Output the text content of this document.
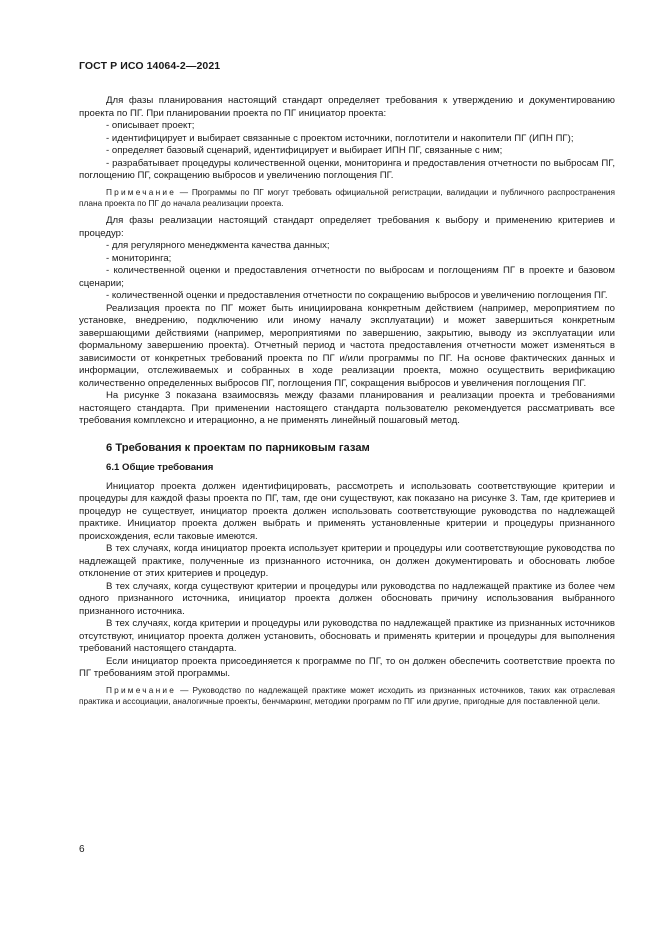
ГОСТ Р ИСО 14064-2—2021

Для фазы планирования настоящий стандарт определяет требования к утверждению и документированию проекта по ПГ. При планировании проекта по ПГ инициатор проекта:

- описывает проект;

- идентифицирует и выбирает связанные с проектом источники, поглотители и накопители ПГ (ИПН ПГ);

- определяет базовый сценарий, идентифицирует и выбирает ИПН ПГ, связанные с ним;

- разрабатывает процедуры количественной оценки, мониторинга и предоставления отчетности по выбросам ПГ, поглощению ПГ, сокращению выбросов и увеличению поглощения ПГ.

Примечание — Программы по ПГ могут требовать официальной регистрации, валидации и публичного распространения плана проекта по ПГ до начала реализации проекта.

Для фазы реализации настоящий стандарт определяет требования к выбору и применению критериев и процедур:

- для регулярного менеджмента качества данных;

- мониторинга;

- количественной оценки и предоставления отчетности по выбросам и поглощениям ПГ в проекте и базовом сценарии;

- количественной оценки и предоставления отчетности по сокращению выбросов и увеличению поглощения ПГ.

Реализация проекта по ПГ может быть инициирована конкретным действием (например, мероприятием по установке, внедрению, подключению или иному началу эксплуатации) и может завершиться конкретным завершающими действиями (например, мероприятиями по завершению, закрытию, выводу из эксплуатации или формальному завершению проекта). Отчетный период и частота предоставления отчетности может изменяться в зависимости от конкретных требований проекта по ПГ и/или программы по ПГ. На основе фактических данных и информации, отслеживаемых и собранных в ходе реализации проекта, можно осуществить верификацию количественно определенных выбросов ПГ, поглощения ПГ, сокращения выбросов и увеличения поглощения ПГ.

На рисунке 3 показана взаимосвязь между фазами планирования и реализации проекта и требованиями настоящего стандарта. При применении настоящего стандарта пользователю рекомендуется рассматривать все требования комплексно и итерационно, а не применять линейный пошаговый метод.

6 Требования к проектам по парниковым газам
6.1 Общие требования

Инициатор проекта должен идентифицировать, рассмотреть и использовать соответствующие критерии и процедуры для каждой фазы проекта по ПГ, там, где они существуют, как показано на рисунке 3. Там, где критериев и процедур не существует, инициатор проекта должен использовать соответствующие руководства по надлежащей практике. Инициатор проекта должен выбрать и применять установленные критерии и процедуры признанного происхождения, если таковые имеются.

В тех случаях, когда инициатор проекта использует критерии и процедуры или соответствующие руководства по надлежащей практике, полученные из признанного источника, он должен документировать и обосновать любое отклонение от этих критериев и процедур.

В тех случаях, когда существуют критерии и процедуры или руководства по надлежащей практике из более чем одного признанного источника, инициатор проекта должен обосновать причину использования выбранного признанного источника.

В тех случаях, когда критерии и процедуры или руководства по надлежащей практике из признанных источников отсутствуют, инициатор проекта должен установить, обосновать и применять критерии и процедуры для выполнения требований настоящего стандарта.

Если инициатор проекта присоединяется к программе по ПГ, то он должен обеспечить соответствие проекта по ПГ требованиям этой программы.

Примечание — Руководство по надлежащей практике может исходить из признанных источников, таких как отраслевая практика и ассоциации, аналогичные проекты, бенчмаркинг, методики программ по ПГ или другие, пригодные для поставленной цели.

6
